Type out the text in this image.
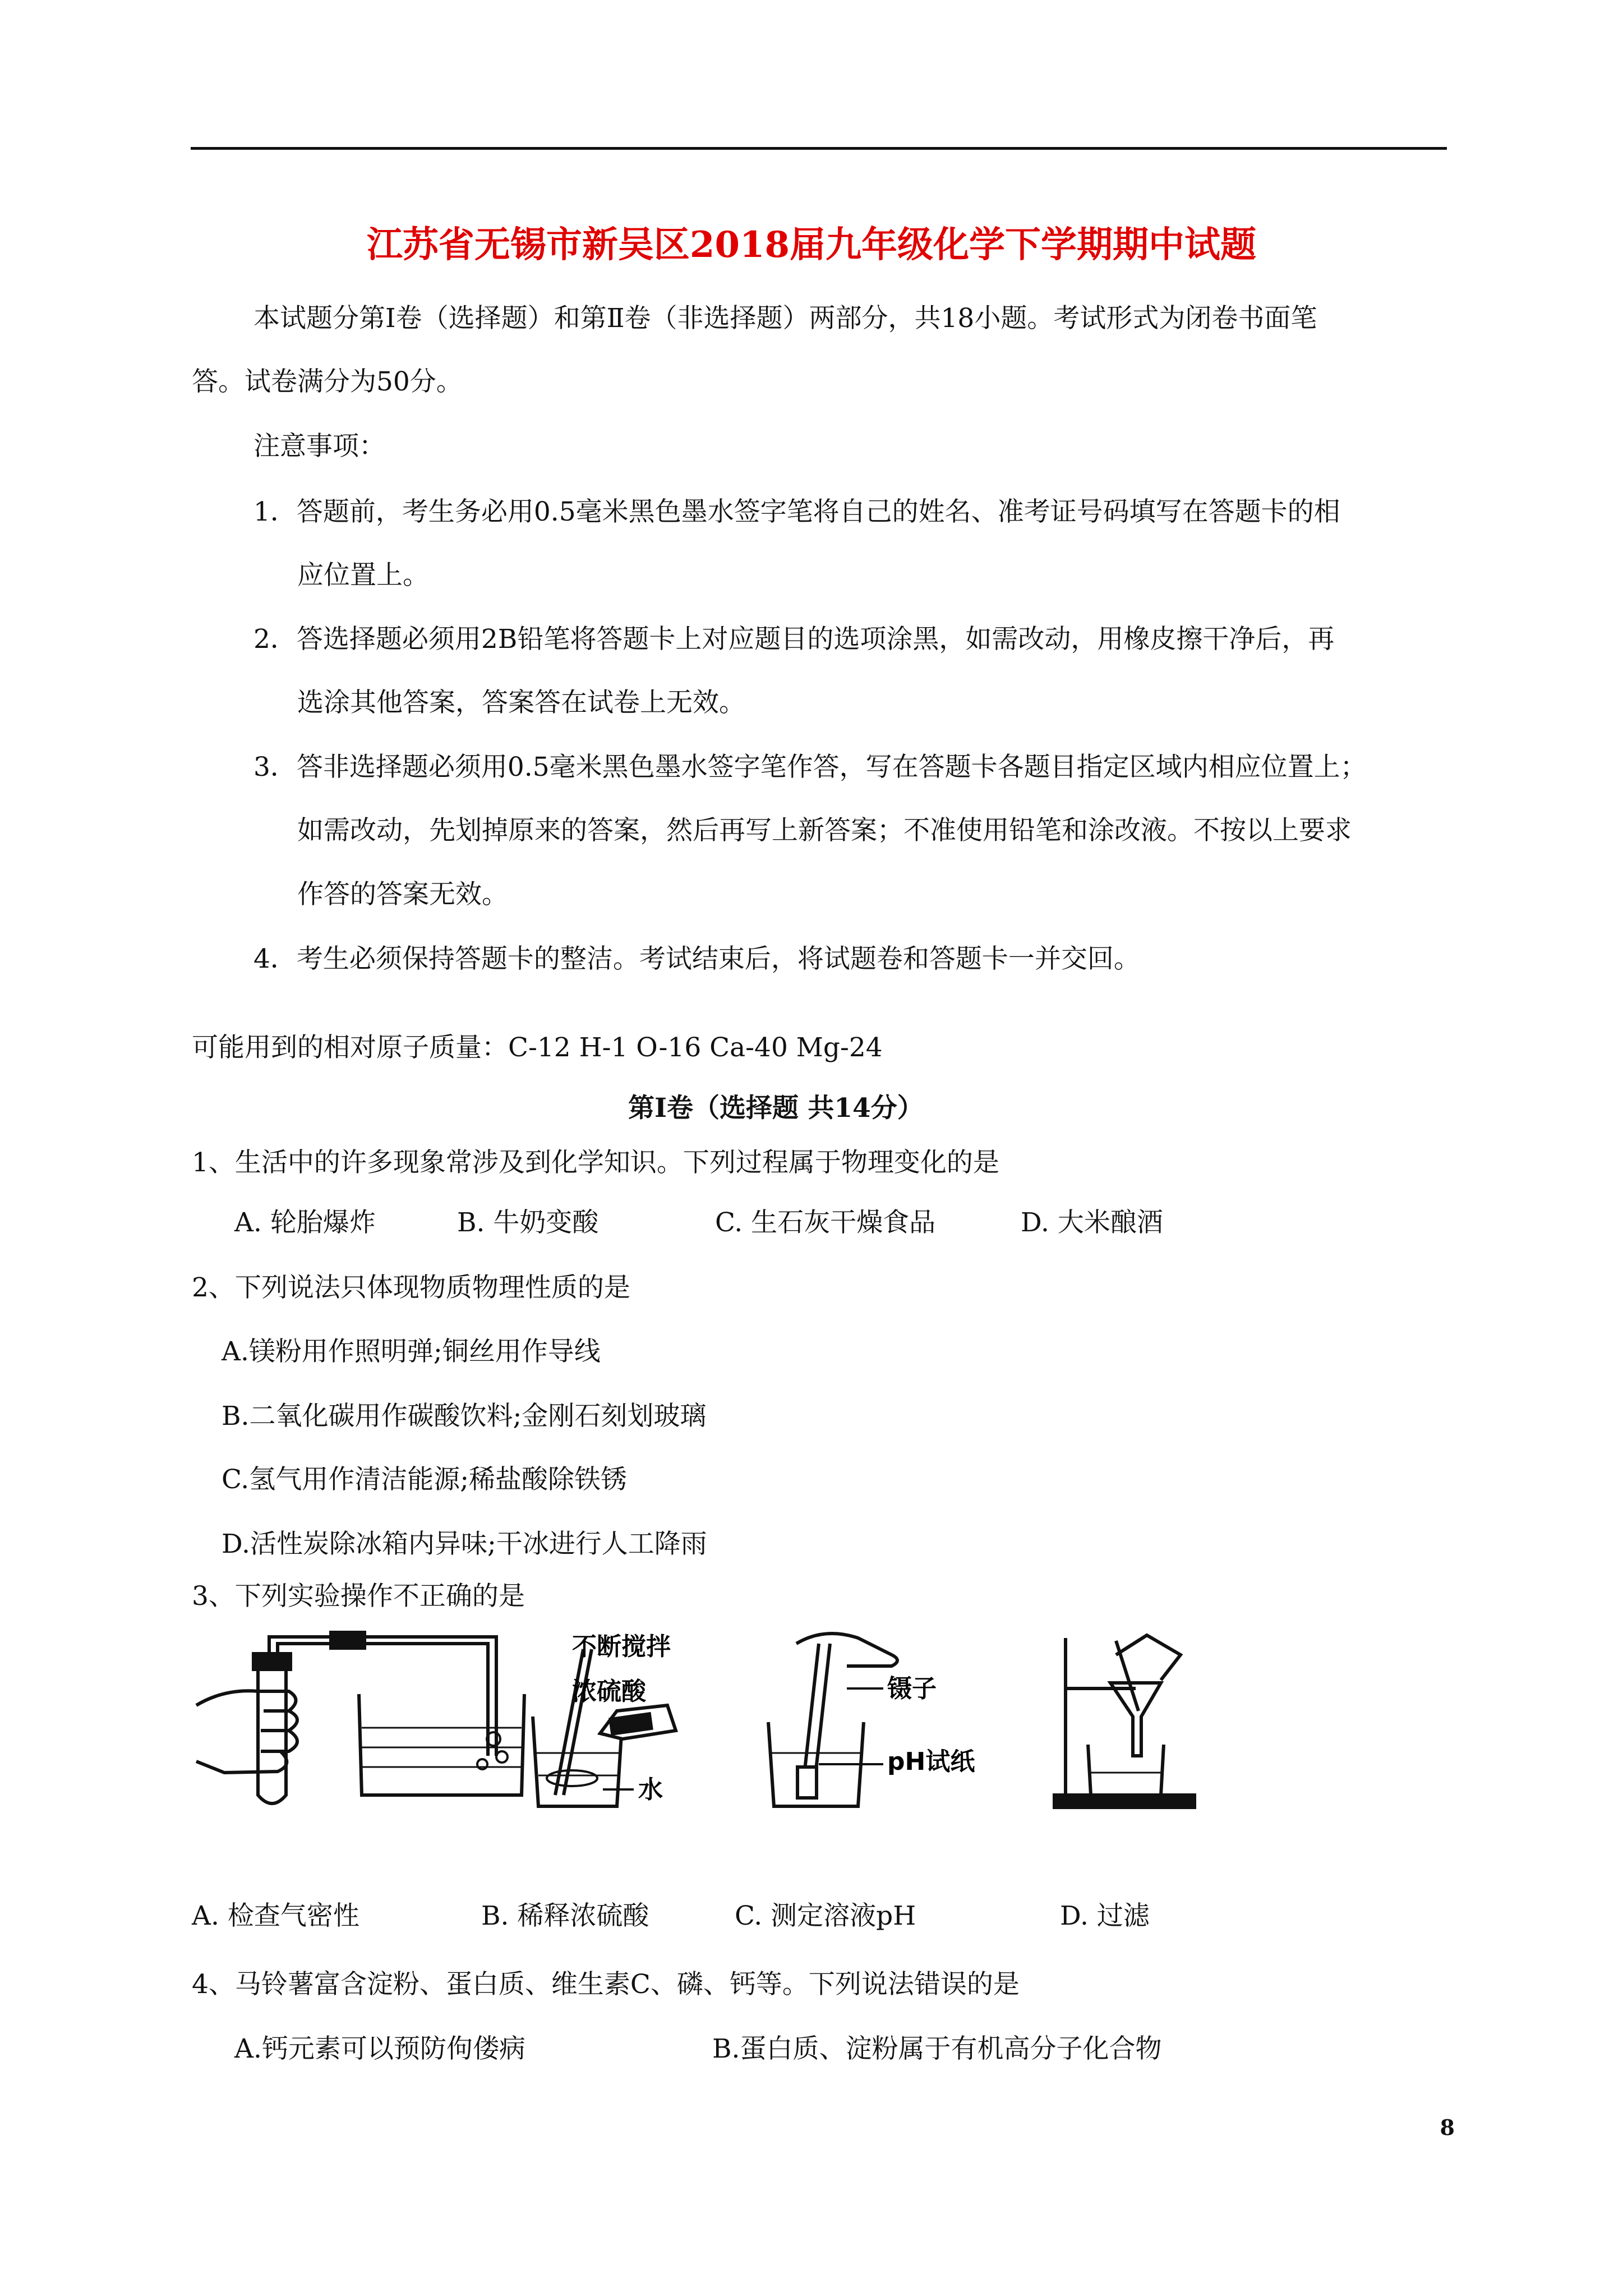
江苏省无锡市新吴区2018届九年级化学下学期期中试题
本试题分第Ⅰ卷（选择题）和第Ⅱ卷（非选择题）两部分，共18小题。考试形式为闭卷书面笔
答。试卷满分为50分。
注意事项：
1．答题前，考生务必用0.5毫米黑色墨水签字笔将自己的姓名、准考证号码填写在答题卡的相
应位置上。
2．答选择题必须用2B铅笔将答题卡上对应题目的选项涂黑，如需改动，用橡皮擦干净后，再
选涂其他答案，答案答在试卷上无效。
3．答非选择题必须用0.5毫米黑色墨水签字笔作答，写在答题卡各题目指定区域内相应位置上；
如需改动，先划掉原来的答案，然后再写上新答案；不准使用铅笔和涂改液。不按以上要求
作答的答案无效。
4．考生必须保持答题卡的整洁。考试结束后，将试题卷和答题卡一并交回。
可能用到的相对原子质量：C-12 H-1 O-16 Ca-40 Mg-24
第Ⅰ卷（选择题 共14分）
1、生活中的许多现象常涉及到化学知识。下列过程属于物理变化的是
A. 轮胎爆炸	B. 牛奶变酸	C. 生石灰干燥食品	D. 大米酿酒
2、下列说法只体现物质物理性质的是
A.镁粉用作照明弹;铜丝用作导线
B.二氧化碳用作碳酸饮料;金刚石刻划玻璃
C.氢气用作清洁能源;稀盐酸除铁锈
D.活性炭除冰箱内异味;干冰进行人工降雨
3、下列实验操作不正确的是
不断搅拌
浓硫酸
水
镊子
pH试纸
A. 检查气密性	B. 稀释浓硫酸	C. 测定溶液pH	D. 过滤
4、马铃薯富含淀粉、蛋白质、维生素C、磷、钙等。下列说法错误的是
A.钙元素可以预防佝偻病	B.蛋白质、淀粉属于有机高分子化合物
8
